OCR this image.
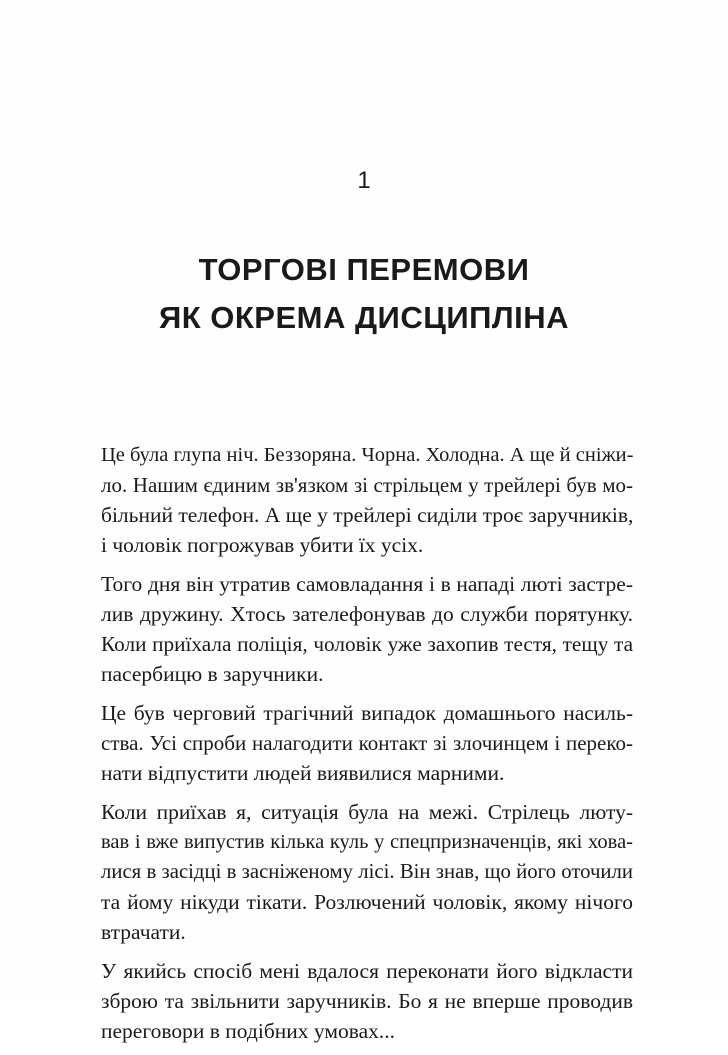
1
ТОРГОВІ ПЕРЕМОВИ
ЯК ОКРЕМА ДИСЦИПЛІНА

Це була глупа ніч. Беззоряна. Чорна. Холодна. А ще й сніжи-
ло. Нашим єдиним зв'язком зі стрільцем у трейлері був мо-
більний телефон. А ще у трейлері сиділи троє заручників,
і чоловік погрожував убити їх усіх.

Того дня він утратив самовладання і в нападі люті застре-
лив дружину. Хтось зателефонував до служби порятунку.
Коли приїхала поліція, чоловік уже захопив тестя, тещу та
пасербицю в заручники.

Це був черговий трагічний випадок домашнього насиль-
ства. Усі спроби налагодити контакт зі злочинцем і переко-
нати відпустити людей виявилися марними.

Коли приїхав я, ситуація була на межі. Стрілець люту-
вав і вже випустив кілька куль у спецпризначенців, які хова-
лися в засідці в засніженому лісі. Він знав, що його оточили
та йому нікуди тікати. Розлючений чоловік, якому нічого
втрачати.

У якийсь спосіб мені вдалося переконати його відкласти
зброю та звільнити заручників. Бо я не вперше проводив
переговори в подібних умовах...
